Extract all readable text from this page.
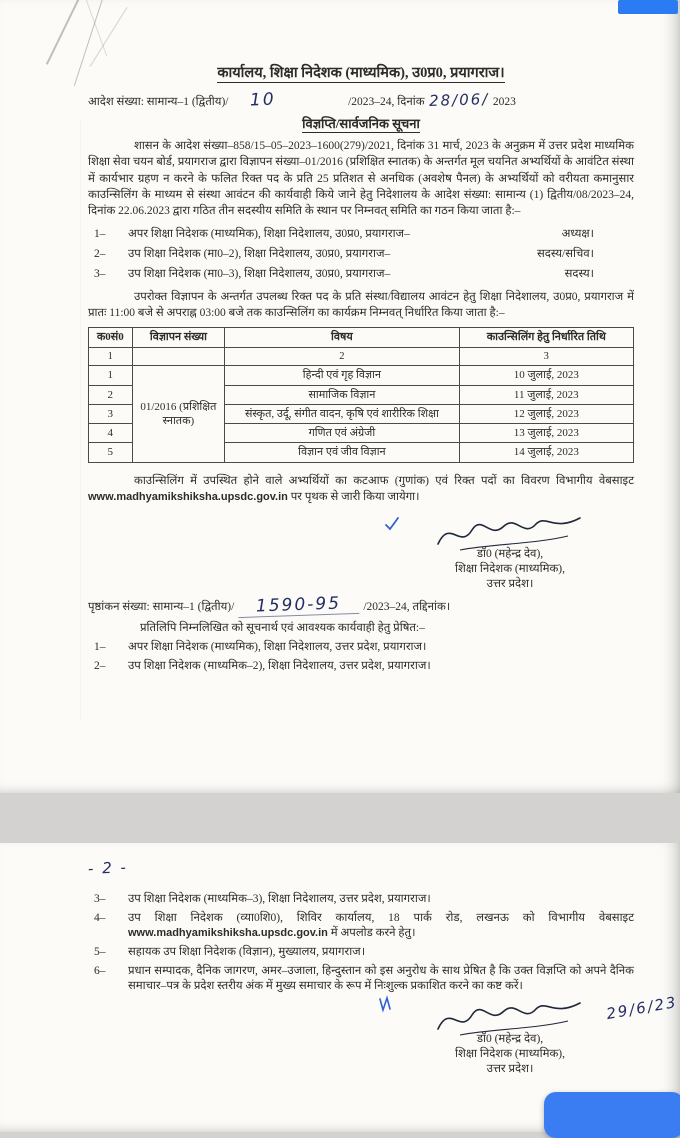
कार्यालय, शिक्षा निदेशक (माध्यमिक), उ0प्र0, प्रयागराज।
आदेश संख्या: सामान्य–1 (द्वितीय)/	10	/2023–24, दिनांक 28/06/ 2023
विज्ञप्ति/सार्वजनिक सूचना

शासन के आदेश संख्या–858/15–05–2023–1600(279)/2021, दिनांक 31 मार्च, 2023 के अनुक्रम में उत्तर प्रदेश माध्यमिक शिक्षा सेवा चयन बोर्ड, प्रयागराज द्वारा विज्ञापन संख्या–01/2016 (प्रशिक्षित स्नातक) के अन्तर्गत मूल चयनित अभ्यर्थियों के आवंटित संस्था में कार्यभार ग्रहण न करने के फलित रिक्त पद के प्रति 25 प्रतिशत से अनधिक (अवशेष पैनल) के अभ्यर्थियों को वरीयता कमानुसार काउन्सिलिंग के माध्यम से संस्था आवंटन की कार्यवाही किये जाने हेतु निदेशालय के आदेश संख्या: सामान्य (1) द्वितीय/08/2023–24, दिनांक 22.06.2023 द्वारा गठित तीन सदस्यीय समिति के स्थान पर निम्नवत् समिति का गठन किया जाता है:–

1–	अपर शिक्षा निदेशक (माध्यमिक), शिक्षा निदेशालय, उ0प्र0, प्रयागराज–	अध्यक्ष।
2–	उप शिक्षा निदेशक (मा0–2), शिक्षा निदेशालय, उ0प्र0, प्रयागराज–	सदस्य/सचिव।
3–	उप शिक्षा निदेशक (मा0–3), शिक्षा निदेशालय, उ0प्र0, प्रयागराज–	सदस्य।

उपरोक्त विज्ञापन के अन्तर्गत उपलब्ध रिक्त पद के प्रति संस्था/विद्यालय आवंटन हेतु शिक्षा निदेशालय, उ0प्र0, प्रयागराज में प्रातः 11:00 बजे से अपराह्न 03:00 बजे तक काउन्सिलिंग का कार्यक्रम निम्नवत् निर्धारित किया जाता है:–

क0सं0	विज्ञापन संख्या	विषय	काउन्सिलिंग हेतु निर्धारित तिथि
1		2	3
1	01/2016 (प्रशिक्षित स्नातक)	हिन्दी एवं गृह विज्ञान	10 जुलाई, 2023
2		सामाजिक विज्ञान	11 जुलाई, 2023
3		संस्कृत, उर्दू, संगीत वादन, कृषि एवं शारीरिक शिक्षा	12 जुलाई, 2023
4		गणित एवं अंग्रेजी	13 जुलाई, 2023
5		विज्ञान एवं जीव विज्ञान	14 जुलाई, 2023

काउन्सिलिंग में उपस्थित होने वाले अभ्यर्थियों का कटआफ (गुणांक) एवं रिक्त पदों का विवरण विभागीय वेबसाइट www.madhyamikshiksha.upsdc.gov.in पर पृथक से जारी किया जायेगा।

डॉ0 (महेन्द्र देव),
शिक्षा निदेशक (माध्यमिक),
उत्तर प्रदेश।
पृष्ठांकन संख्या: सामान्य–1 (द्वितीय)/	1590-95	/2023–24, तद्दिनांक।
प्रतिलिपि निम्नलिखित को सूचनार्थ एवं आवश्यक कार्यवाही हेतु प्रेषित:–
1–	अपर शिक्षा निदेशक (माध्यमिक), शिक्षा निदेशालय, उत्तर प्रदेश, प्रयागराज।
2–	उप शिक्षा निदेशक (माध्यमिक–2), शिक्षा निदेशालय, उत्तर प्रदेश, प्रयागराज।
- 2 -
3–	उप शिक्षा निदेशक (माध्यमिक–3), शिक्षा निदेशालय, उत्तर प्रदेश, प्रयागराज।
4–	उप शिक्षा निदेशक (व्या0शि0), शिविर कार्यालय, 18 पार्क रोड, लखनऊ को विभागीय वेबसाइट www.madhyamikshiksha.upsdc.gov.in में अपलोड करने हेतु।
5–	सहायक उप शिक्षा निदेशक (विज्ञान), मुख्यालय, प्रयागराज।
6–	प्रधान सम्पादक, दैनिक जागरण, अमर–उजाला, हिन्दुस्तान को इस अनुरोध के साथ प्रेषित है कि उक्त विज्ञप्ति को अपने दैनिक समाचार–पत्र के प्रदेश स्तरीय अंक में मुख्य समाचार के रूप में निःशुल्क प्रकाशित करने का कष्ट करें।
29/6/23
डॉ0 (महेन्द्र देव),
शिक्षा निदेशक (माध्यमिक),
उत्तर प्रदेश।
